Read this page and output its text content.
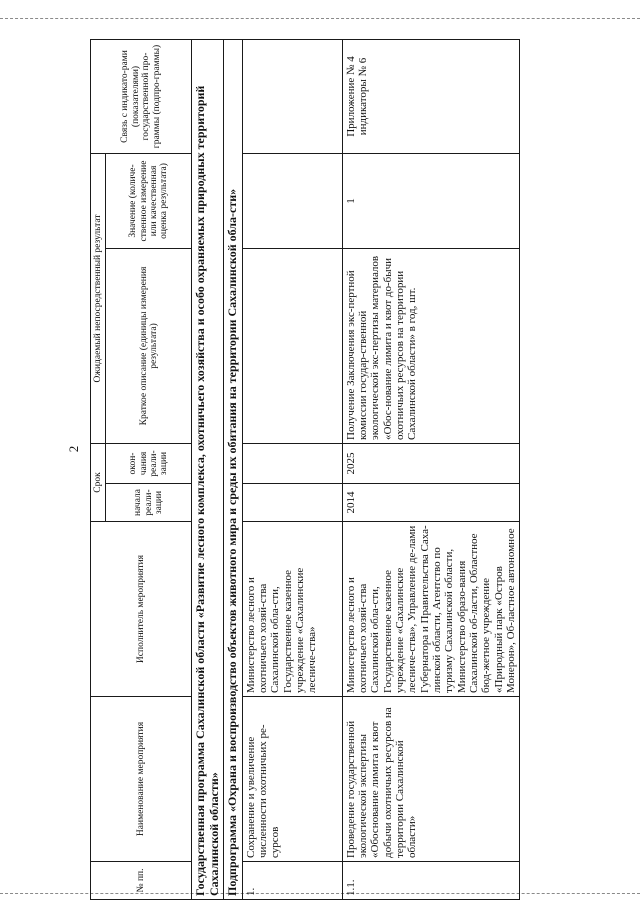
2
№ пп.	Наименование мероприятия	Исполнитель мероприятия	Срок		Ожидаемый непосредственный результат		Связь с индикато-рами (показателями) государственной про-граммы (подпро-граммы)
			начала реали-зации	окон-чания реали-зации	Краткое описание (единицы измерения результата)	Значение (количе-ственное измерение или качественная оценка результата)	
Государственная программа Сахалинской области «Развитие лесного комплекса, охотничьего хозяйства и особо охраняемых природных территорий Сахалинской области»							
Подпрограмма «Охрана и воспроизводство объектов животного мира и среды их обитания на территории Сахалинской обла-сти»							
1.	Сохранение и увеличение численности охотничьих ре-сурсов	Министерство лесного и охотничьего хозяй-ства Сахалинской обла-сти, Государственное казенное учреждение «Сахалинские лесниче-ства»					
1.1.	Проведение государственной экологической экспертизы «Обоснование лимита и квот добычи охотничьих ресурсов на территории Сахалинской области»	Министерство лесного и охотничьего хозяй-ства Сахалинской обла-сти, Государственное казенное учреждение «Сахалинские лесниче-ства», Управление де-лами Губернатора и Правительства Саха-линской области, Агентство по туризму Сахалинской области, Министерство образо-вания Сахалинской об-ласти, Областное бюд-жетное учреждение «Природный парк «Остров Монерон», Об-ластное автономное	2014	2025	Получение Заключения экс-пертной комиссии государ-ственной экологической экс-пертизы материалов «Обос-нование лимита и квот до-бычи охотничьих ресурсов на территории Сахалинской области» в год, шт.	1	Приложение № 4 индикаторы № 6
